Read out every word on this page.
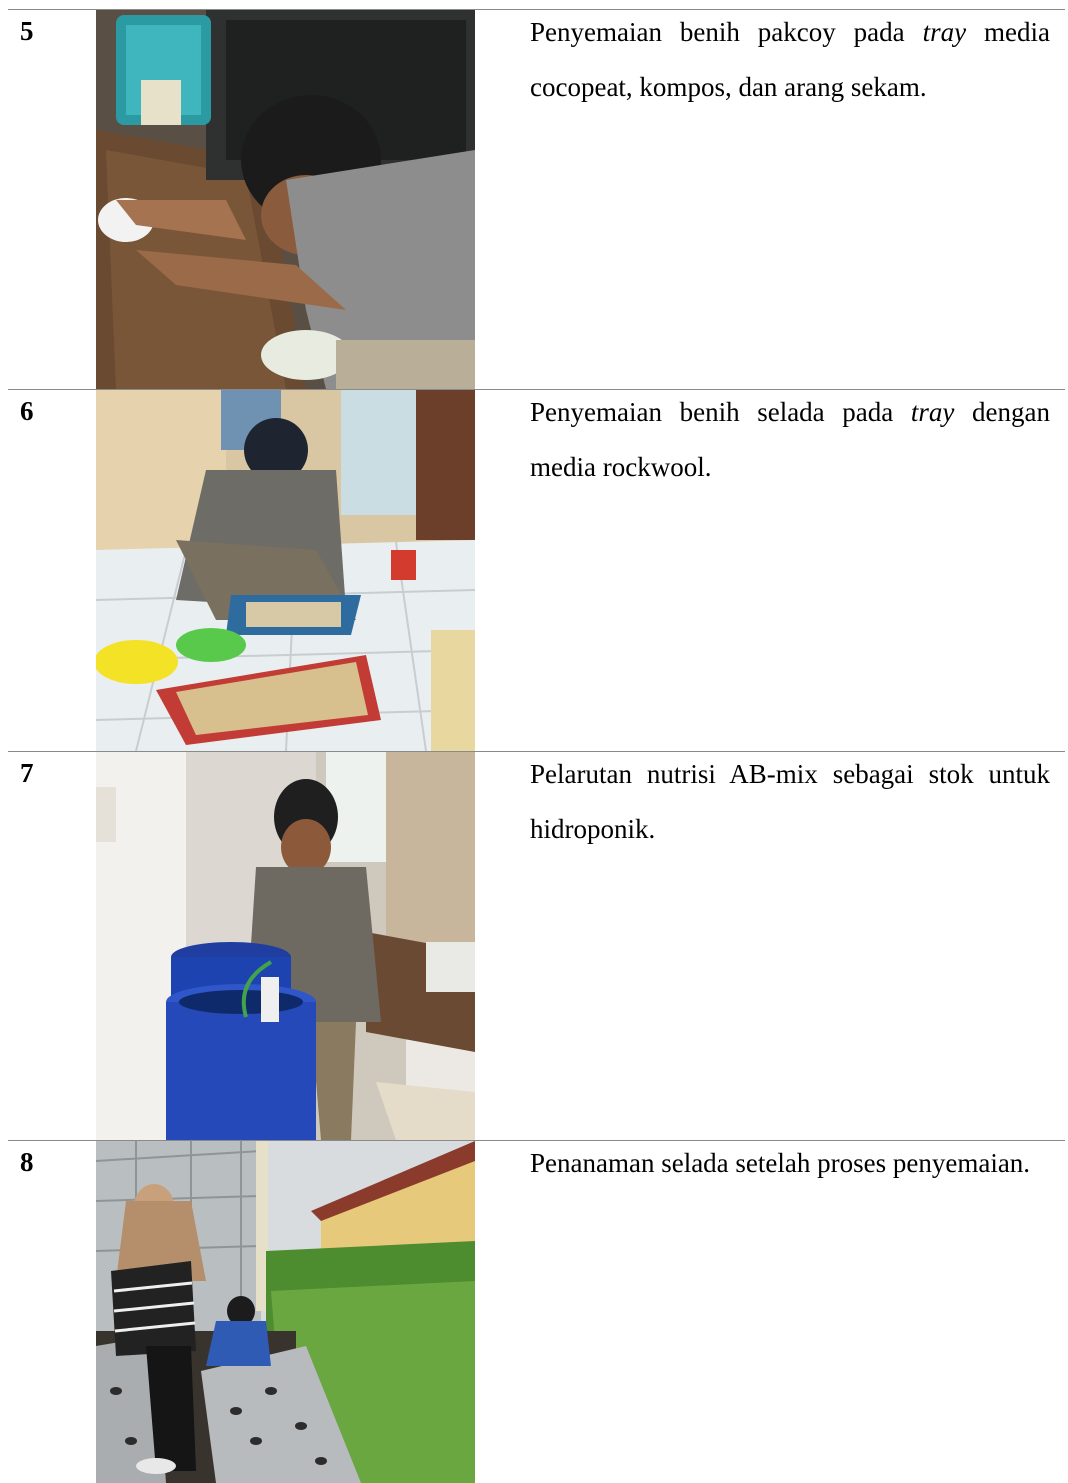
5	Penyemaian benih pakcoy pada tray media cocopeat, kompos, dan arang sekam.
6	Penyemaian benih selada pada tray dengan media rockwool.
7	Pelarutan nutrisi AB-mix sebagai stok untuk hidroponik.
8	Penanaman selada setelah proses penyemaian.
